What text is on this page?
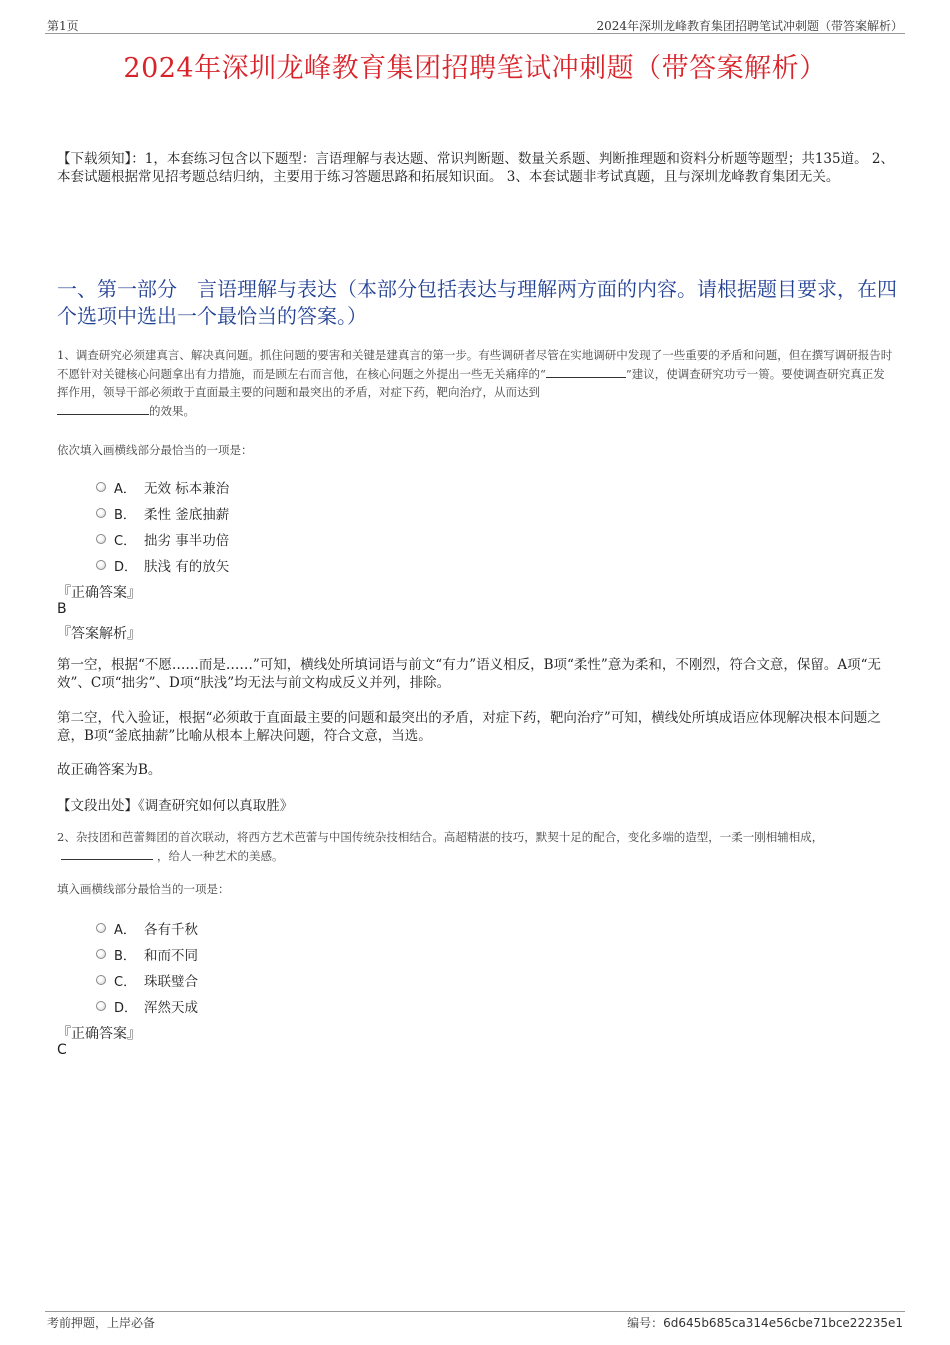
第1页	2024年深圳龙峰教育集团招聘笔试冲刺题（带答案解析）
2024年深圳龙峰教育集团招聘笔试冲刺题（带答案解析）
【下载须知】：1，本套练习包含以下题型：言语理解与表达题、常识判断题、数量关系题、判断推理题和资料分析题等题型；共135道。 2、本套试题根据常见招考题总结归纳，主要用于练习答题思路和拓展知识面。 3、本套试题非考试真题，且与深圳龙峰教育集团无关。
一、第一部分　言语理解与表达（本部分包括表达与理解两方面的内容。请根据题目要求，在四个选项中选出一个最恰当的答案。）
1、调查研究必须建真言、解决真问题。抓住问题的要害和关键是建真言的第一步。有些调研者尽管在实地调研中发现了一些重要的矛盾和问题，但在撰写调研报告时不愿针对关键核心问题拿出有力措施，而是顾左右而言他，在核心问题之外提出一些无关痛痒的“	”建议，使调查研究功亏一篑。要使调查研究真正发挥作用，领导干部必须敢于直面最主要的问题和最突出的矛盾，对症下药，靶向治疗，从而达到
的效果。
依次填入画横线部分最恰当的一项是：
A． 无效 标本兼治
B． 柔性 釜底抽薪
C． 拙劣 事半功倍
D． 肤浅 有的放矢
『正确答案』
B
『答案解析』
第一空，根据“不愿……而是……”可知，横线处所填词语与前文“有力”语义相反，B项“柔性”意为柔和，不刚烈，符合文意，保留。A项“无效”、C项“拙劣”、D项“肤浅”均无法与前文构成反义并列，排除。
第二空，代入验证，根据“必须敢于直面最主要的问题和最突出的矛盾，对症下药，靶向治疗”可知，横线处所填成语应体现解决根本问题之意，B项“釜底抽薪”比喻从根本上解决问题，符合文意，当选。
故正确答案为B。
【文段出处】《调查研究如何以真取胜》
2、杂技团和芭蕾舞团的首次联动，将西方艺术芭蕾与中国传统杂技相结合。高超精湛的技巧，默契十足的配合，变化多端的造型，一柔一刚相辅相成，，给人一种艺术的美感。
填入画横线部分最恰当的一项是：
A． 各有千秋
B． 和而不同
C． 珠联璧合
D． 浑然天成
『正确答案』
C
考前押题，上岸必备	编号：6d645b685ca314e56cbe71bce22235e1
